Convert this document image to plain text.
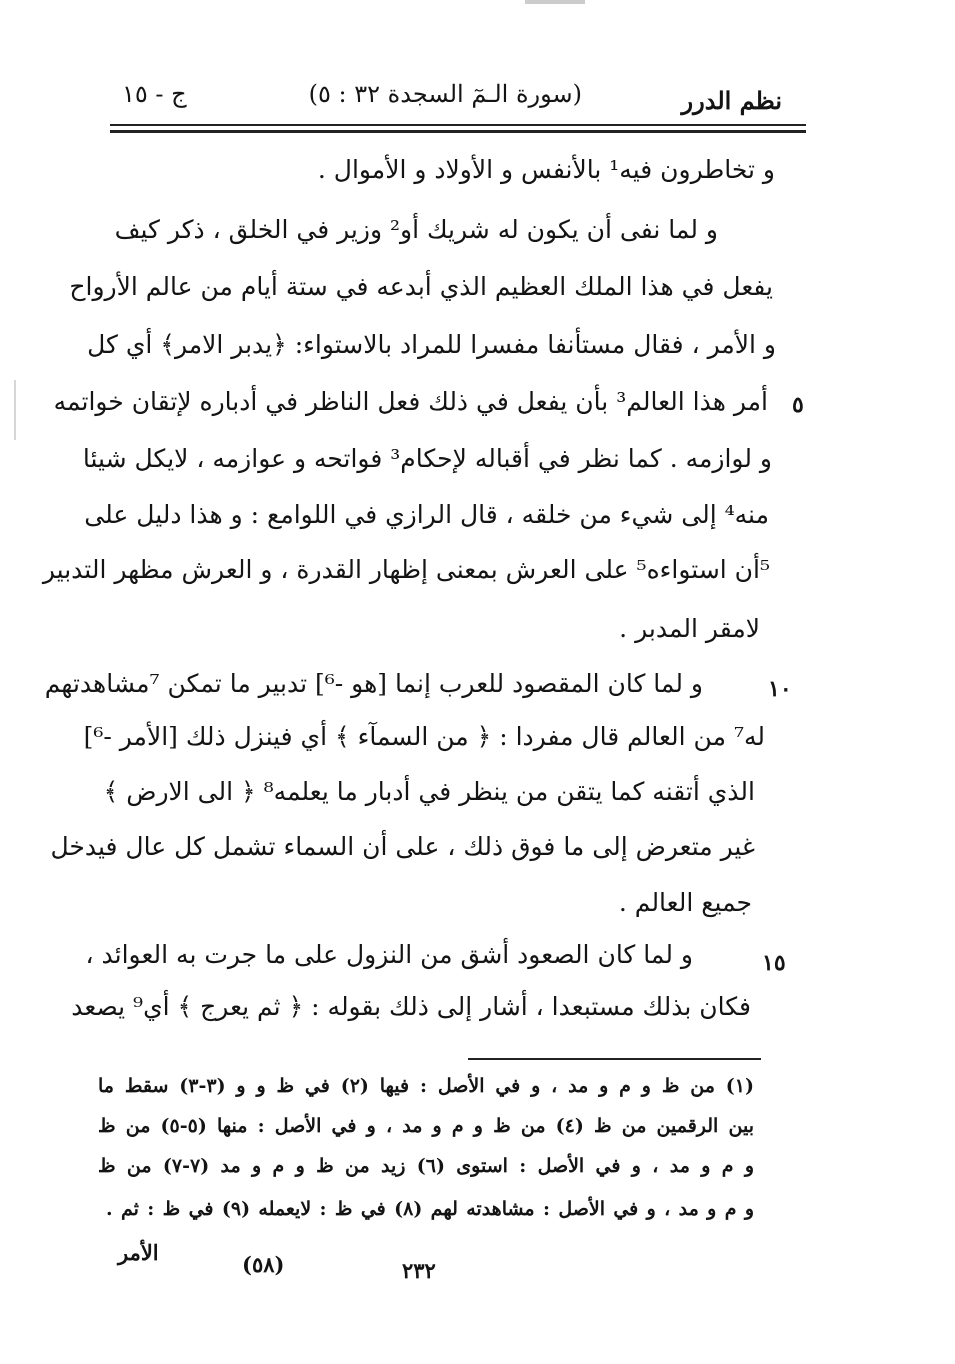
نظم الدرر
(سورة الـمٓ السجدة ٣٢ : ٥)
ج - ١٥
و تخاطرون فيه¹ بالأنفس و الأولاد و الأموال .
و لما نفى أن يكون له شريك أو² وزير في الخلق ، ذكر كيف
يفعل في هذا الملك العظيم الذي أبدعه في ستة أيام من عالم الأرواح
و الأمر ، فقال مستأنفا مفسرا للمراد بالاستواء: ﴿يدبر الامر﴾ أي كل
أمر هذا العالم³ بأن يفعل في ذلك فعل الناظر في أدباره لإتقان خواتمه
و لوازمه . كما نظر في أقباله لإحكام³ فواتحه و عوازمه ، لايكل شيئا
منه⁴ إلى شيء من خلقه ، قال الرازي في اللوامع : و هذا دليل على
⁵أن استواءه⁵ على العرش بمعنى إظهار القدرة ، و العرش مظهر التدبير
لامقر المدبر .
و لما كان المقصود للعرب إنما [هو -⁶] تدبير ما تمكن ⁷مشاهدتهم
له⁷ من العالم قال مفردا : ﴿ من السمآء ﴾ أي فينزل ذلك [الأمر -⁶]
الذي أتقنه كما يتقن من ينظر في أدبار ما يعلمه⁸ ﴿ الى الارض ﴾
غير متعرض إلى ما فوق ذلك ، على أن السماء تشمل كل عال فيدخل
جميع العالم .
و لما كان الصعود أشق من النزول على ما جرت به العوائد ،
فكان بذلك مستبعدا ، أشار إلى ذلك بقوله : ﴿ ثم يعرج ﴾ أي⁹ يصعد
٥
١٠
١٥
(١) من ظ و م و مد ، و في الأصل : فيها (٢) في ظ و و (٣-٣) سقط ما
بين الرقمين من ظ (٤) من ظ و م و مد ، و في الأصل : منها (٥-٥) من ظ
و م و مد ، و في الأصل : استوى (٦) زيد من ظ و م و مد (٧-٧) من ظ
و م و مد ، و في الأصل : مشاهدته لهم (٨) في ظ : لايعمله (٩) في ظ : ثم .
الأمر	(٥٨)	٢٣٢
